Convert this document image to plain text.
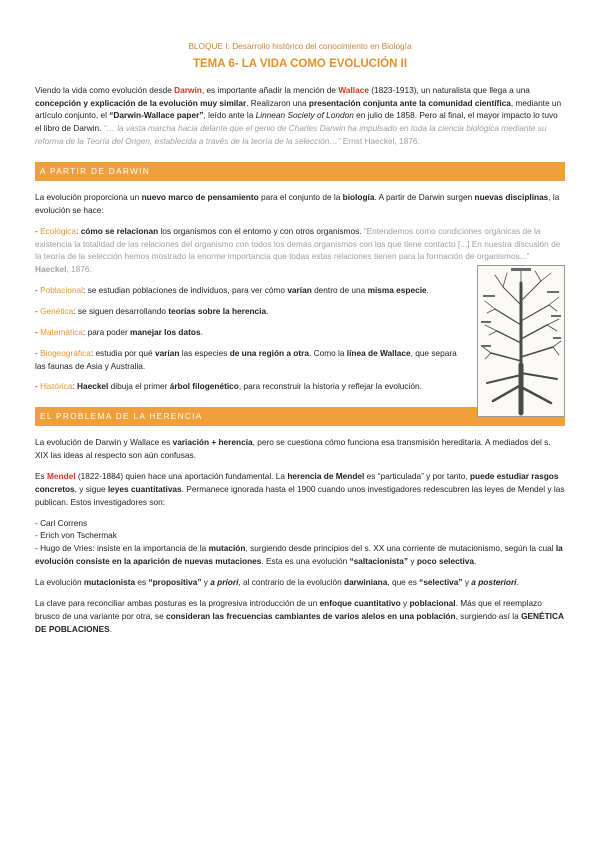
BLOQUE I: Desarrollo histórico del conocimiento en Biología
TEMA 6- LA VIDA COMO EVOLUCIÓN II

Viendo la vida como evolución desde Darwin, es importante añadir la mención de Wallace (1823-1913), un naturalista que llega a una concepción y explicación de la evolución muy similar. Realizaron una presentación conjunta ante la comunidad científica, mediante un artículo conjunto, el “Darwin-Wallace paper”, leído ante la Linnean Society of London en julio de 1858. Pero al final, el mayor impacto lo tuvo el libro de Darwin. “… la vasta marcha hacia delante que el genio de Charles Darwin ha impulsado en toda la ciencia biológica mediante su reforma de la Teoría del Origen, establecida a través de la teoría de la selección…” Ernst Haeckel, 1876.

A PARTIR DE DARWIN

La evolución proporciona un nuevo marco de pensamiento para el conjunto de la biología. A partir de Darwin surgen nuevas disciplinas, la evolución se hace:

- Ecológica: cómo se relacionan los organismos con el entorno y con otros organismos. “Entendemos como condiciones orgánicas de la existencia la totalidad de las relaciones del organismo con todos los demás organismos con los que tiene contacto [...] En nuestra discusión de la teoría de la selección hemos mostrado la enorme importancia que todas estas relaciones tienen para la formación de organismos...” Haeckel, 1876.

- Poblacional: se estudian poblaciones de individuos, para ver cómo varían dentro de una misma especie.

- Genética: se siguen desarrollando teorías sobre la herencia.

- Matemática: para poder manejar los datos.

- Biogeográfica: estudia por qué varían las especies de una región a otra. Como la línea de Wallace, que separa las faunas de Asia y Australia.

- Histórica: Haeckel dibuja el primer árbol filogenético, para reconstruir la historia y reflejar la evolución.

EL PROBLEMA DE LA HERENCIA

La evolución de Darwin y Wallace es variación + herencia, pero se cuestiona cómo funciona esa transmisión hereditaria. A mediados del s. XIX las ideas al respecto son aún confusas.

Es Mendel (1822-1884) quien hace una aportación fundamental. La herencia de Mendel es “particulada” y por tanto, puede estudiar rasgos concretos, y sigue leyes cuantitativas. Permanece ignorada hasta el 1900 cuando unos investigadores redescubren las leyes de Mendel y las publican. Estos investigadores son:

- Carl Correns

- Erich von Tschermak

- Hugo de Vries: insiste en la importancia de la mutación, surgiendo desde principios del s. XX una corriente de mutacionismo, según la cual la evolución consiste en la aparición de nuevas mutaciones. Esta es una evolución “saltacionista” y poco selectiva.

La evolución mutacionista es “propositiva” y a priori, al contrario de la evolución darwiniana, que es “selectiva” y a posteriori.

La clave para reconciliar ambas posturas es la progresiva introducción de un enfoque cuantitativo y poblacional. Más que el reemplazo brusco de una variante por otra, se consideran las frecuencias cambiantes de varios alelos en una población, surgiendo así la GENÉTICA DE POBLACIONES.
